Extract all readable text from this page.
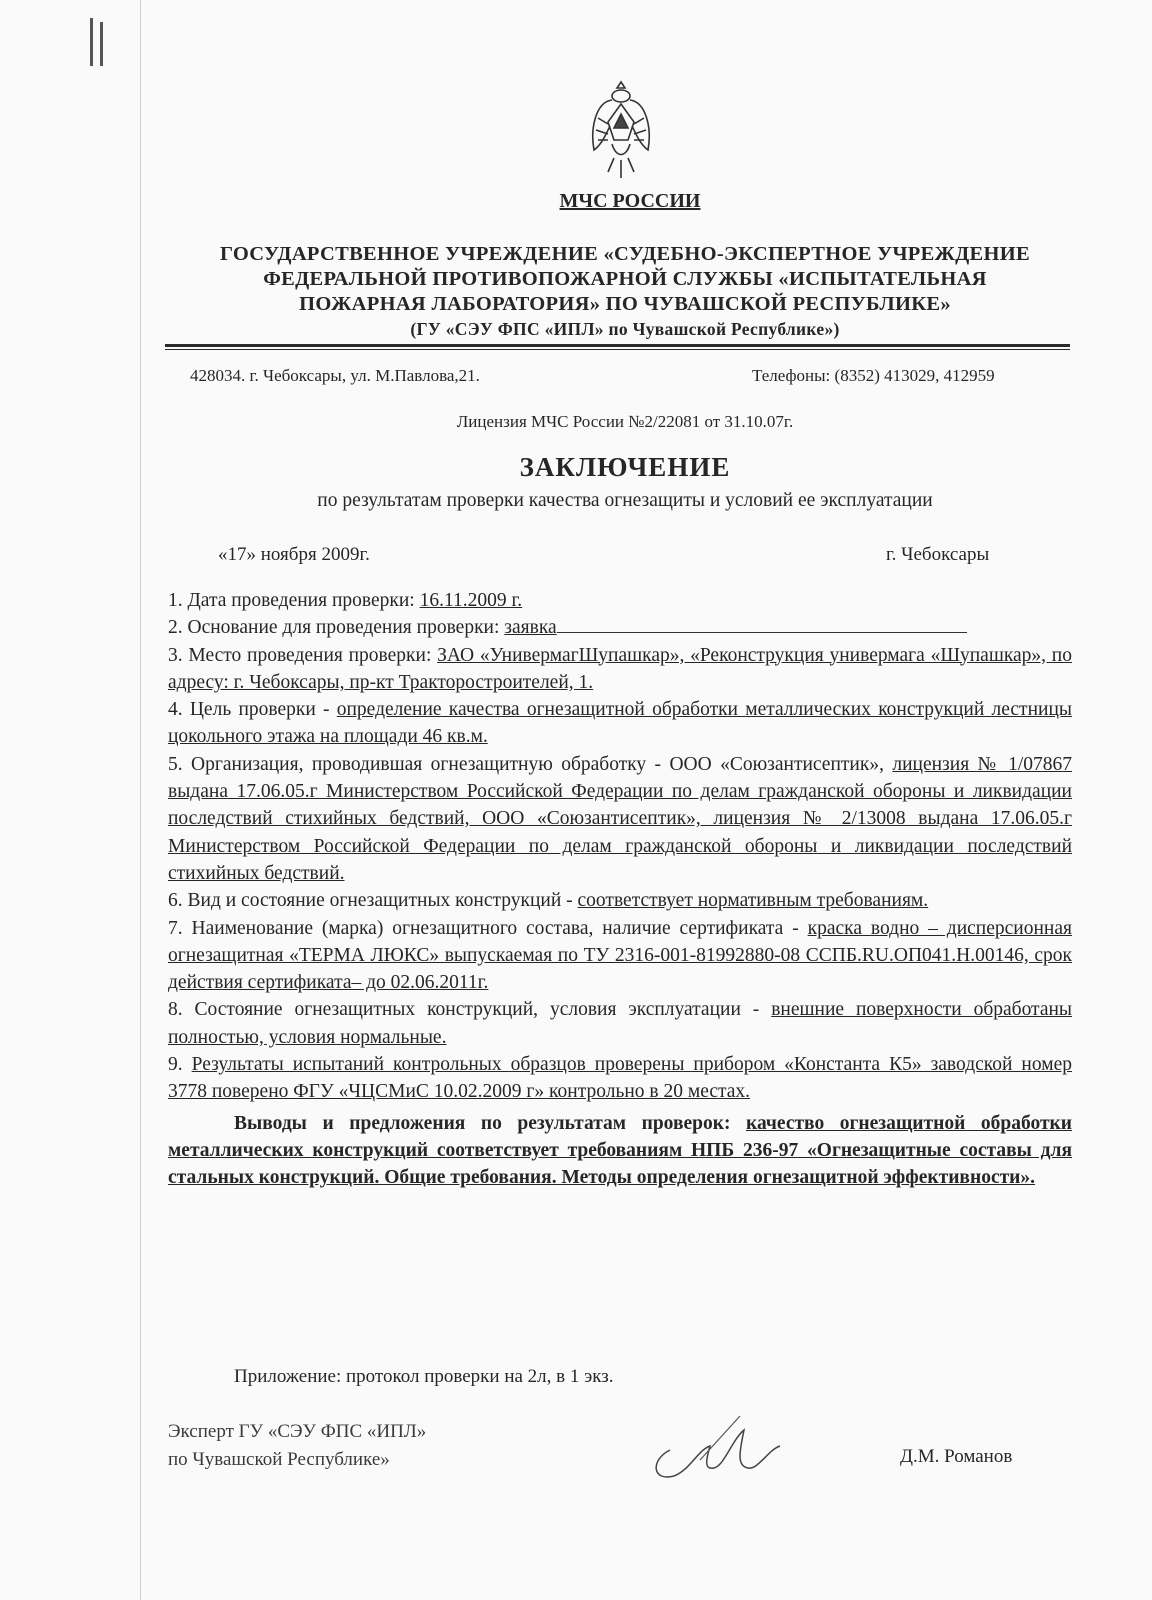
МЧС РОССИИ
ГОСУДАРСТВЕННОЕ УЧРЕЖДЕНИЕ «СУДЕБНО-ЭКСПЕРТНОЕ УЧРЕЖДЕНИЕ
ФЕДЕРАЛЬНОЙ ПРОТИВОПОЖАРНОЙ СЛУЖБЫ «ИСПЫТАТЕЛЬНАЯ
ПОЖАРНАЯ ЛАБОРАТОРИЯ» ПО ЧУВАШСКОЙ РЕСПУБЛИКЕ»
(ГУ «СЭУ ФПС «ИПЛ» по Чувашской Республике»)
428034. г. Чебоксары, ул. М.Павлова,21.	Телефоны: (8352) 413029, 412959
Лицензия МЧС России №2/22081 от 31.10.07г.
ЗАКЛЮЧЕНИЕ
по результатам проверки качества огнезащиты и условий ее эксплуатации
«17» ноября 2009г.	г. Чебоксары

1. Дата проведения проверки: 16.11.2009 г.

2. Основание для проведения проверки: заявка

3. Место проведения проверки: ЗАО «УнивермагШупашкар», «Реконструкция универмага «Шупашкар», по адресу: г. Чебоксары, пр-кт Тракторостроителей, 1.

4. Цель проверки - определение качества огнезащитной обработки металлических конструкций лестницы цокольного этажа на площади 46 кв.м.

5. Организация, проводившая огнезащитную обработку - ООО «Союзантисептик», лицензия № 1/07867 выдана 17.06.05.г Министерством Российской Федерации по делам гражданской обороны и ликвидации последствий стихийных бедствий, ООО «Союзантисептик», лицензия № 2/13008 выдана 17.06.05.г Министерством Российской Федерации по делам гражданской обороны и ликвидации последствий стихийных бедствий.

6. Вид и состояние огнезащитных конструкций - соответствует нормативным требованиям.

7. Наименование (марка) огнезащитного состава, наличие сертификата - краска водно – дисперсионная огнезащитная «ТЕРМА ЛЮКС» выпускаемая по ТУ 2316-001-81992880-08 ССПБ.RU.ОП041.Н.00146, срок действия сертификата– до 02.06.2011г.

8. Состояние огнезащитных конструкций, условия эксплуатации - внешние поверхности обработаны полностью, условия нормальные.

9. Результаты испытаний контрольных образцов проверены прибором «Константа К5» заводской номер 3778 поверено ФГУ «ЧЦСМиС 10.02.2009 г» контрольно в 20 местах.

Выводы и предложения по результатам проверок: качество огнезащитной обработки металлических конструкций соответствует требованиям НПБ 236-97 «Огнезащитные составы для стальных конструкций. Общие требования. Методы определения огнезащитной эффективности».

Приложение: протокол проверки на 2л, в 1 экз.
Эксперт ГУ «СЭУ ФПС «ИПЛ»
по Чувашской Республике»	Д.М. Романов
